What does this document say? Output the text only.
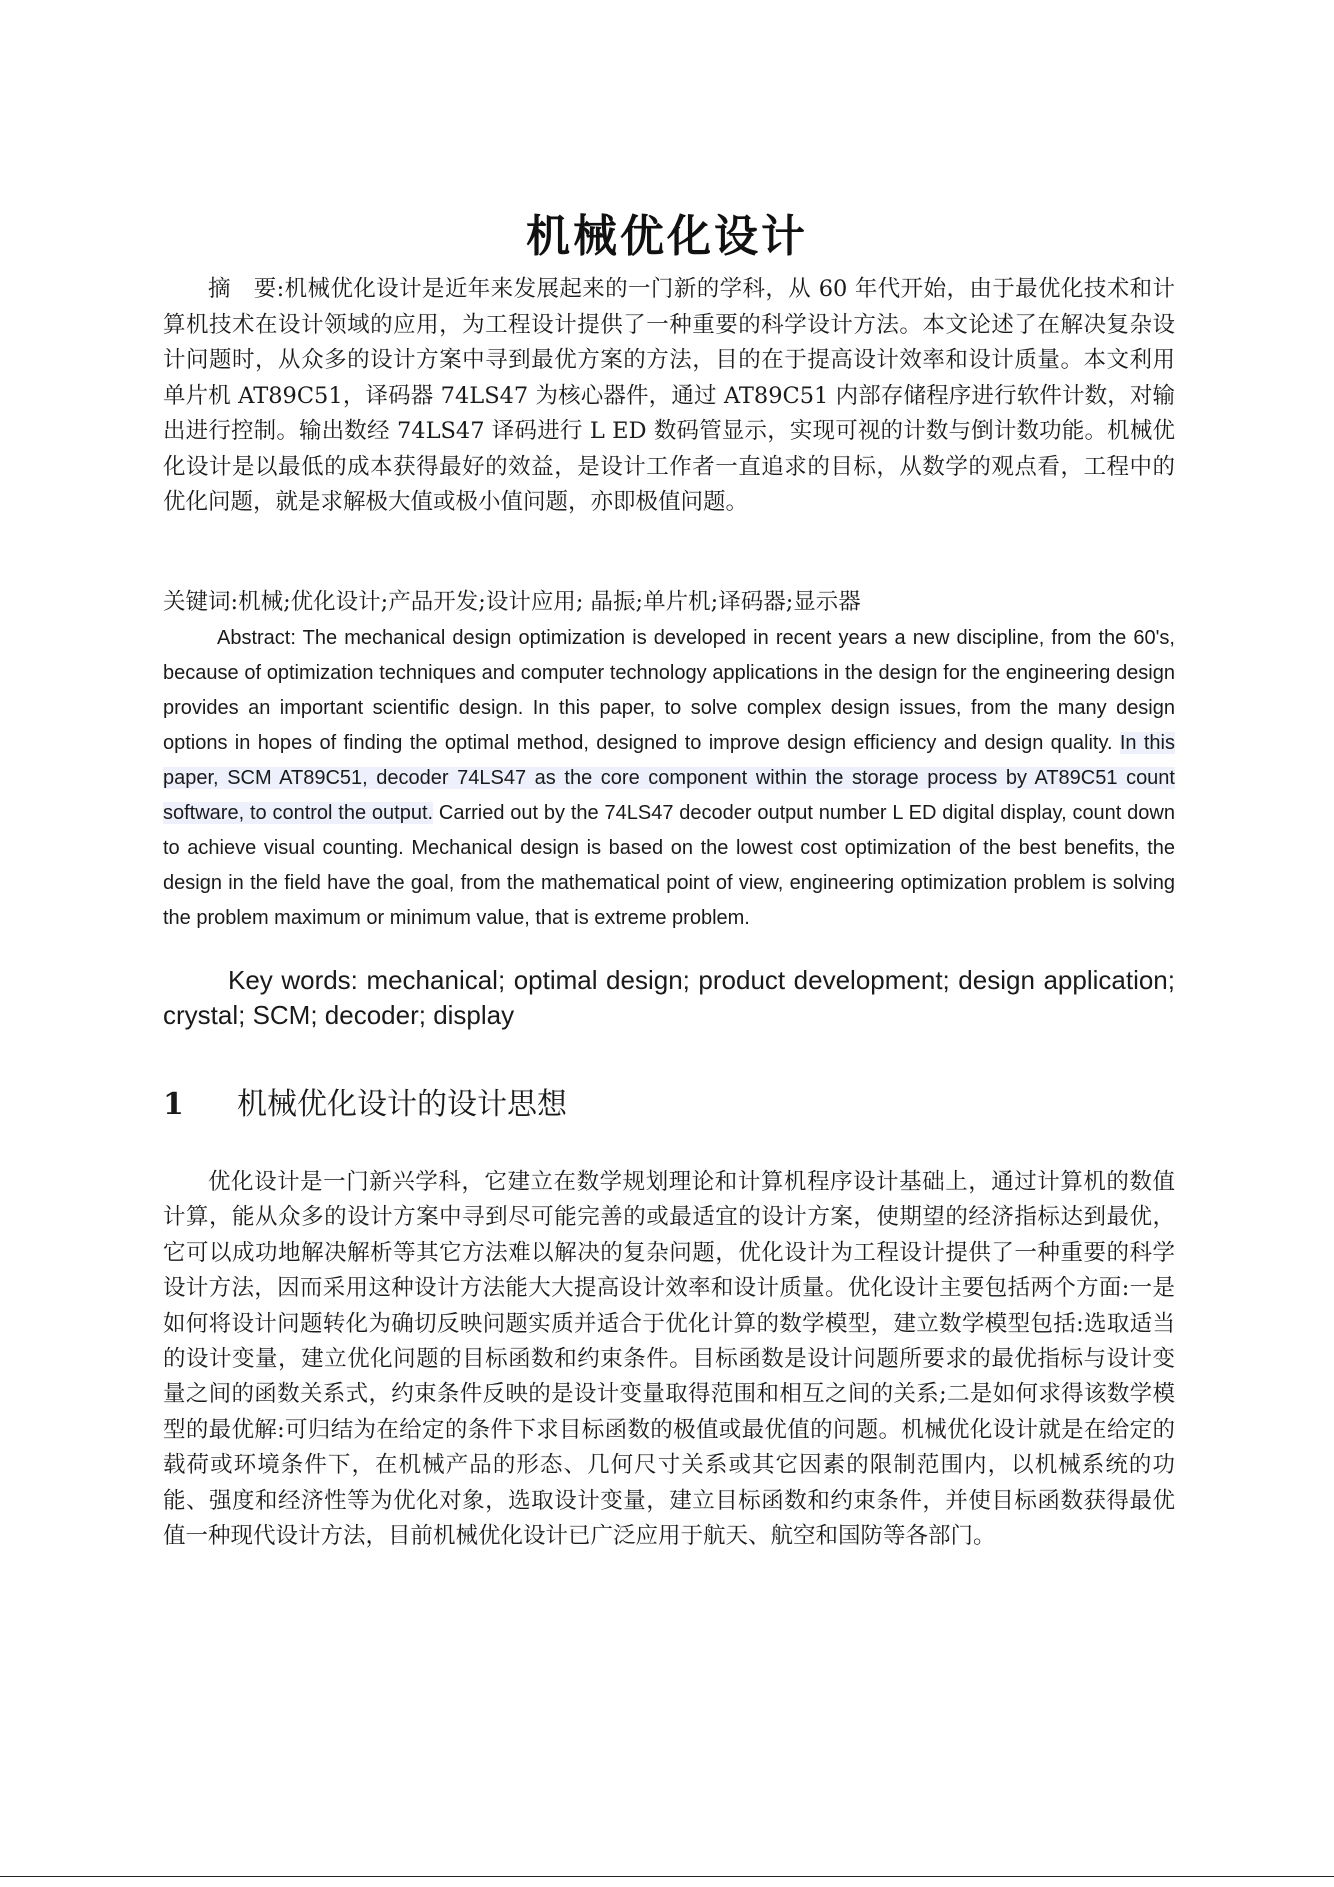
机械优化设计

摘　要:机械优化设计是近年来发展起来的一门新的学科，从 60 年代开始，由于最优化技术和计算机技术在设计领域的应用，为工程设计提供了一种重要的科学设计方法。本文论述了在解决复杂设计问题时，从众多的设计方案中寻到最优方案的方法，目的在于提高设计效率和设计质量。本文利用单片机 AT89C51，译码器 74LS47 为核心器件，通过 AT89C51 内部存储程序进行软件计数，对输出进行控制。输出数经 74LS47 译码进行 L ED 数码管显示，实现可视的计数与倒计数功能。机械优化设计是以最低的成本获得最好的效益，是设计工作者一直追求的目标，从数学的观点看，工程中的优化问题，就是求解极大值或极小值问题，亦即极值问题。

关键词:机械;优化设计;产品开发;设计应用; 晶振;单片机;译码器;显示器

Abstract: The mechanical design optimization is developed in recent years a new discipline, from the 60's, because of optimization techniques and computer technology applications in the design for the engineering design provides an important scientific design. In this paper, to solve complex design issues, from the many design options in hopes of finding the optimal method, designed to improve design efficiency and design quality. In this paper, SCM AT89C51, decoder 74LS47 as the core component within the storage process by AT89C51 count software, to control the output. Carried out by the 74LS47 decoder output number L ED digital display, count down to achieve visual counting. Mechanical design is based on the lowest cost optimization of the best benefits, the design in the field have the goal, from the mathematical point of view, engineering optimization problem is solving the problem maximum or minimum value, that is extreme problem.

Key words: mechanical; optimal design; product development; design application; crystal; SCM; decoder; display

1 机械优化设计的设计思想

优化设计是一门新兴学科，它建立在数学规划理论和计算机程序设计基础上，通过计算机的数值计算，能从众多的设计方案中寻到尽可能完善的或最适宜的设计方案，使期望的经济指标达到最优，它可以成功地解决解析等其它方法难以解决的复杂问题，优化设计为工程设计提供了一种重要的科学设计方法，因而采用这种设计方法能大大提高设计效率和设计质量。优化设计主要包括两个方面:一是如何将设计问题转化为确切反映问题实质并适合于优化计算的数学模型，建立数学模型包括:选取适当的设计变量，建立优化问题的目标函数和约束条件。目标函数是设计问题所要求的最优指标与设计变量之间的函数关系式，约束条件反映的是设计变量取得范围和相互之间的关系;二是如何求得该数学模型的最优解:可归结为在给定的条件下求目标函数的极值或最优值的问题。机械优化设计就是在给定的载荷或环境条件下，在机械产品的形态、几何尺寸关系或其它因素的限制范围内，以机械系统的功能、强度和经济性等为优化对象，选取设计变量，建立目标函数和约束条件，并使目标函数获得最优值一种现代设计方法，目前机械优化设计已广泛应用于航天、航空和国防等各部门。
